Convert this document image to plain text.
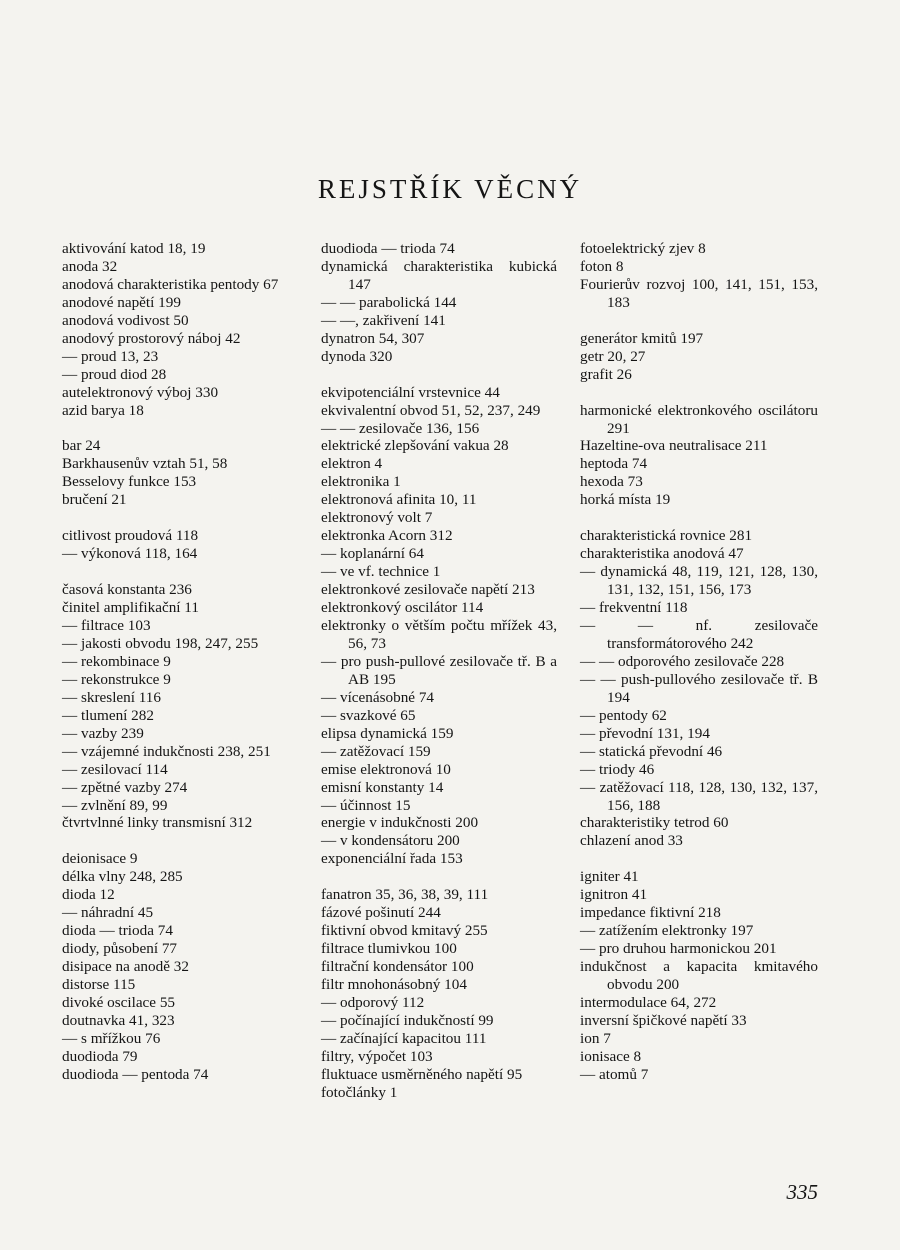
REJSTŘÍK VĚCNÝ
aktivování katod 18, 19
anoda 32
anodová charakteristika pentody 67
anodové napětí 199
anodová vodivost 50
anodový prostorový náboj 42
— proud 13, 23
— proud diod 28
autelektronový výboj 330
azid barya 18
bar 24
Barkhausenův vztah 51, 58
Besselovy funkce 153
bručení 21
citlivost proudová 118
— výkonová 118, 164
časová konstanta 236
činitel amplifikační 11
— filtrace 103
— jakosti obvodu 198, 247, 255
— rekombinace 9
— rekonstrukce 9
— skreslení 116
— tlumení 282
— vazby 239
— vzájemné indukčnosti 238, 251
— zesilovací 114
— zpětné vazby 274
— zvlnění 89, 99
čtvrtvlnné linky transmisní 312
deionisace 9
délka vlny 248, 285
dioda 12
— náhradní 45
dioda — trioda 74
diody, působení 77
disipace na anodě 32
distorse 115
divoké oscilace 55
doutnavka 41, 323
— s mřížkou 76
duodioda 79
duodioda — pentoda 74
duodioda — trioda 74
dynamická charakteristika kubická 147
— — parabolická 144
— —, zakřivení 141
dynatron 54, 307
dynoda 320
ekvipotenciální vrstevnice 44
ekvivalentní obvod 51, 52, 237, 249
— — zesilovače 136, 156
elektrické zlepšování vakua 28
elektron 4
elektronika 1
elektronová afinita 10, 11
elektronový volt 7
elektronka Acorn 312
— koplanární 64
— ve vf. technice 1
elektronkové zesilovače napětí 213
elektronkový oscilátor 114
elektronky o větším počtu mřížek 43, 56, 73
— pro push-pullové zesilovače tř. B a AB 195
— vícenásobné 74
— svazkové 65
elipsa dynamická 159
— zatěžovací 159
emise elektronová 10
emisní konstanty 14
— účinnost 15
energie v indukčnosti 200
— v kondensátoru 200
exponenciální řada 153
fanatron 35, 36, 38, 39, 111
fázové pošinutí 244
fiktivní obvod kmitavý 255
filtrace tlumivkou 100
filtrační kondensátor 100
filtr mnohonásobný 104
— odporový 112
— počínající indukčností 99
— začínající kapacitou 111
filtry, výpočet 103
fluktuace usměrněného napětí 95
fotočlánky 1
fotoelektrický zjev 8
foton 8
Fourierův rozvoj 100, 141, 151, 153, 183
generátor kmitů 197
getr 20, 27
grafit 26
harmonické elektronkového oscilátoru 291
Hazeltine-ova neutralisace 211
heptoda 74
hexoda 73
horká místa 19
charakteristická rovnice 281
charakteristika anodová 47
— dynamická 48, 119, 121, 128, 130, 131, 132, 151, 156, 173
— frekventní 118
— — nf. zesilovače transformátorového 242
— — odporového zesilovače 228
— — push-pullového zesilovače tř. B 194
— pentody 62
— převodní 131, 194
— statická převodní 46
— triody 46
— zatěžovací 118, 128, 130, 132, 137, 156, 188
charakteristiky tetrod 60
chlazení anod 33
igniter 41
ignitron 41
impedance fiktivní 218
— zatížením elektronky 197
— pro druhou harmonickou 201
indukčnost a kapacita kmitavého obvodu 200
intermodulace 64, 272
inversní špičkové napětí 33
ion 7
ionisace 8
— atomů 7
335
